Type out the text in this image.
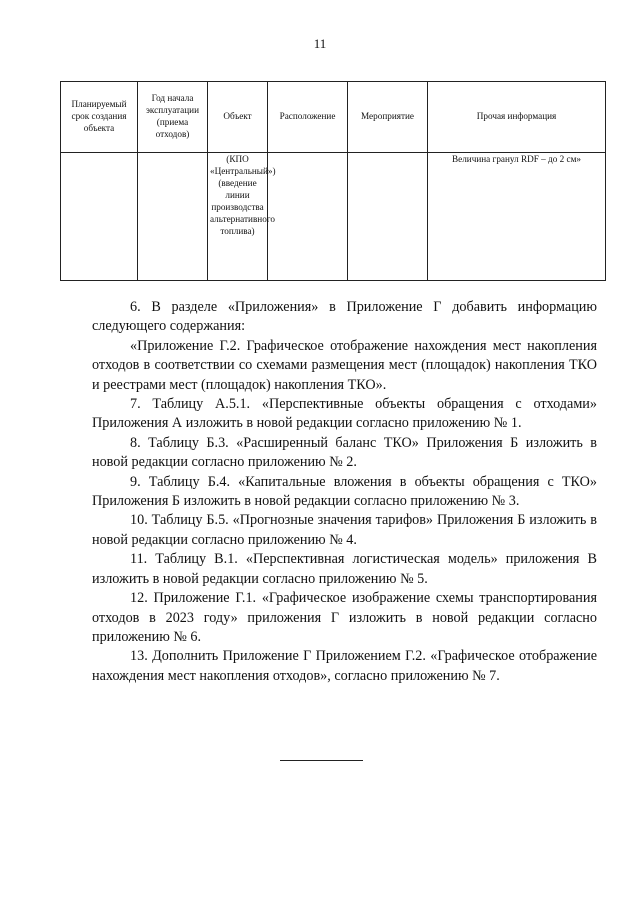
11
Планируемый срок создания объекта	Год начала эксплуатации (приема отходов)	Объект	Расположение	Мероприятие	Прочая информация
		(КПО «Центральный») (введение линии производства альтернативного топлива)			Величина гранул RDF – до 2 см»

6. В разделе «Приложения» в Приложение Г добавить информацию следующего содержания:

«Приложение Г.2. Графическое отображение нахождения мест накопления отходов в соответствии со схемами размещения мест (площадок) накопления ТКО и реестрами мест (площадок) накопления ТКО».

7. Таблицу А.5.1. «Перспективные объекты обращения с отходами» Приложения А изложить в новой редакции согласно приложению № 1.

8. Таблицу Б.3. «Расширенный баланс ТКО» Приложения Б изложить в новой редакции согласно приложению № 2.

9. Таблицу Б.4. «Капитальные вложения в объекты обращения с ТКО» Приложения Б изложить в новой редакции согласно приложению № 3.

10. Таблицу Б.5. «Прогнозные значения тарифов» Приложения Б изложить в новой редакции согласно приложению № 4.

11. Таблицу В.1. «Перспективная логистическая модель» приложения В изложить в новой редакции согласно приложению № 5.

12. Приложение Г.1. «Графическое изображение схемы транспортирования отходов в 2023 году» приложения Г изложить в новой редакции согласно приложению № 6.

13. Дополнить Приложение Г Приложением Г.2. «Графическое отображение нахождения мест накопления отходов», согласно приложению № 7.
